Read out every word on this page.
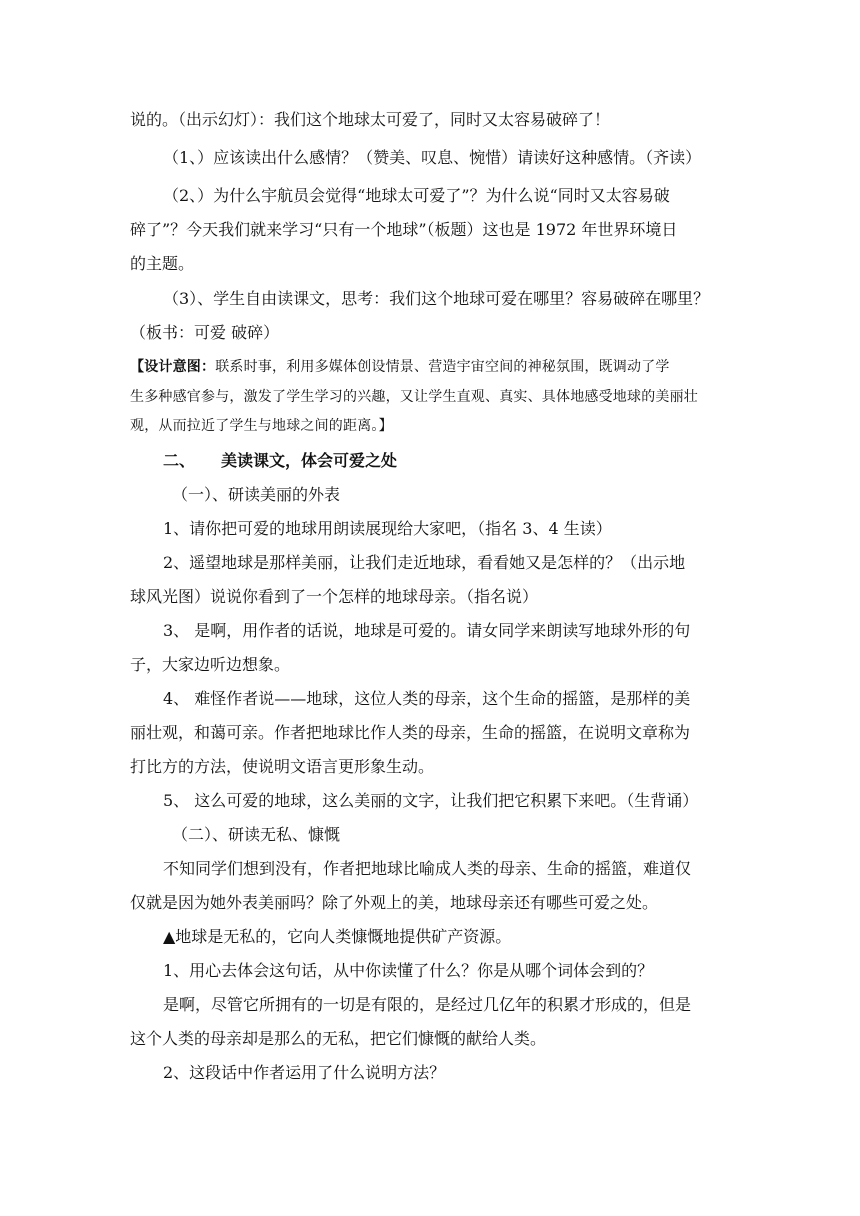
说的。（出示幻灯）：我们这个地球太可爱了，同时又太容易破碎了！
（1、）应该读出什么感情？（赞美、叹息、惋惜）请读好这种感情。（齐读）
（2、）为什么宇航员会觉得“地球太可爱了”？为什么说“同时又太容易破
碎了”？今天我们就来学习“只有一个地球”（板题）这也是 1972 年世界环境日
的主题。
（3）、学生自由读课文，思考：我们这个地球可爱在哪里？容易破碎在哪里？
（板书：可爱 破碎）
【设计意图：联系时事，利用多媒体创设情景、营造宇宙空间的神秘氛围，既调动了学
生多种感官参与，激发了学生学习的兴趣，又让学生直观、真实、具体地感受地球的美丽壮
观，从而拉近了学生与地球之间的距离。】
二、 美读课文，体会可爱之处
（一）、研读美丽的外表
1、请你把可爱的地球用朗读展现给大家吧，（指名 3、4 生读）
2、遥望地球是那样美丽，让我们走近地球，看看她又是怎样的？（出示地
球风光图）说说你看到了一个怎样的地球母亲。（指名说）
3、 是啊，用作者的话说，地球是可爱的。请女同学来朗读写地球外形的句
子，大家边听边想象。
4、 难怪作者说——地球，这位人类的母亲，这个生命的摇篮，是那样的美
丽壮观，和蔼可亲。作者把地球比作人类的母亲，生命的摇篮，在说明文章称为
打比方的方法，使说明文语言更形象生动。
5、 这么可爱的地球，这么美丽的文字，让我们把它积累下来吧。（生背诵）
（二）、研读无私、慷慨
不知同学们想到没有，作者把地球比喻成人类的母亲、生命的摇篮，难道仅
仅就是因为她外表美丽吗？除了外观上的美，地球母亲还有哪些可爱之处。
▲地球是无私的，它向人类慷慨地提供矿产资源。
1、用心去体会这句话，从中你读懂了什么？你是从哪个词体会到的？
是啊，尽管它所拥有的一切是有限的，是经过几亿年的积累才形成的，但是
这个人类的母亲却是那么的无私，把它们慷慨的献给人类。
2、这段话中作者运用了什么说明方法？
